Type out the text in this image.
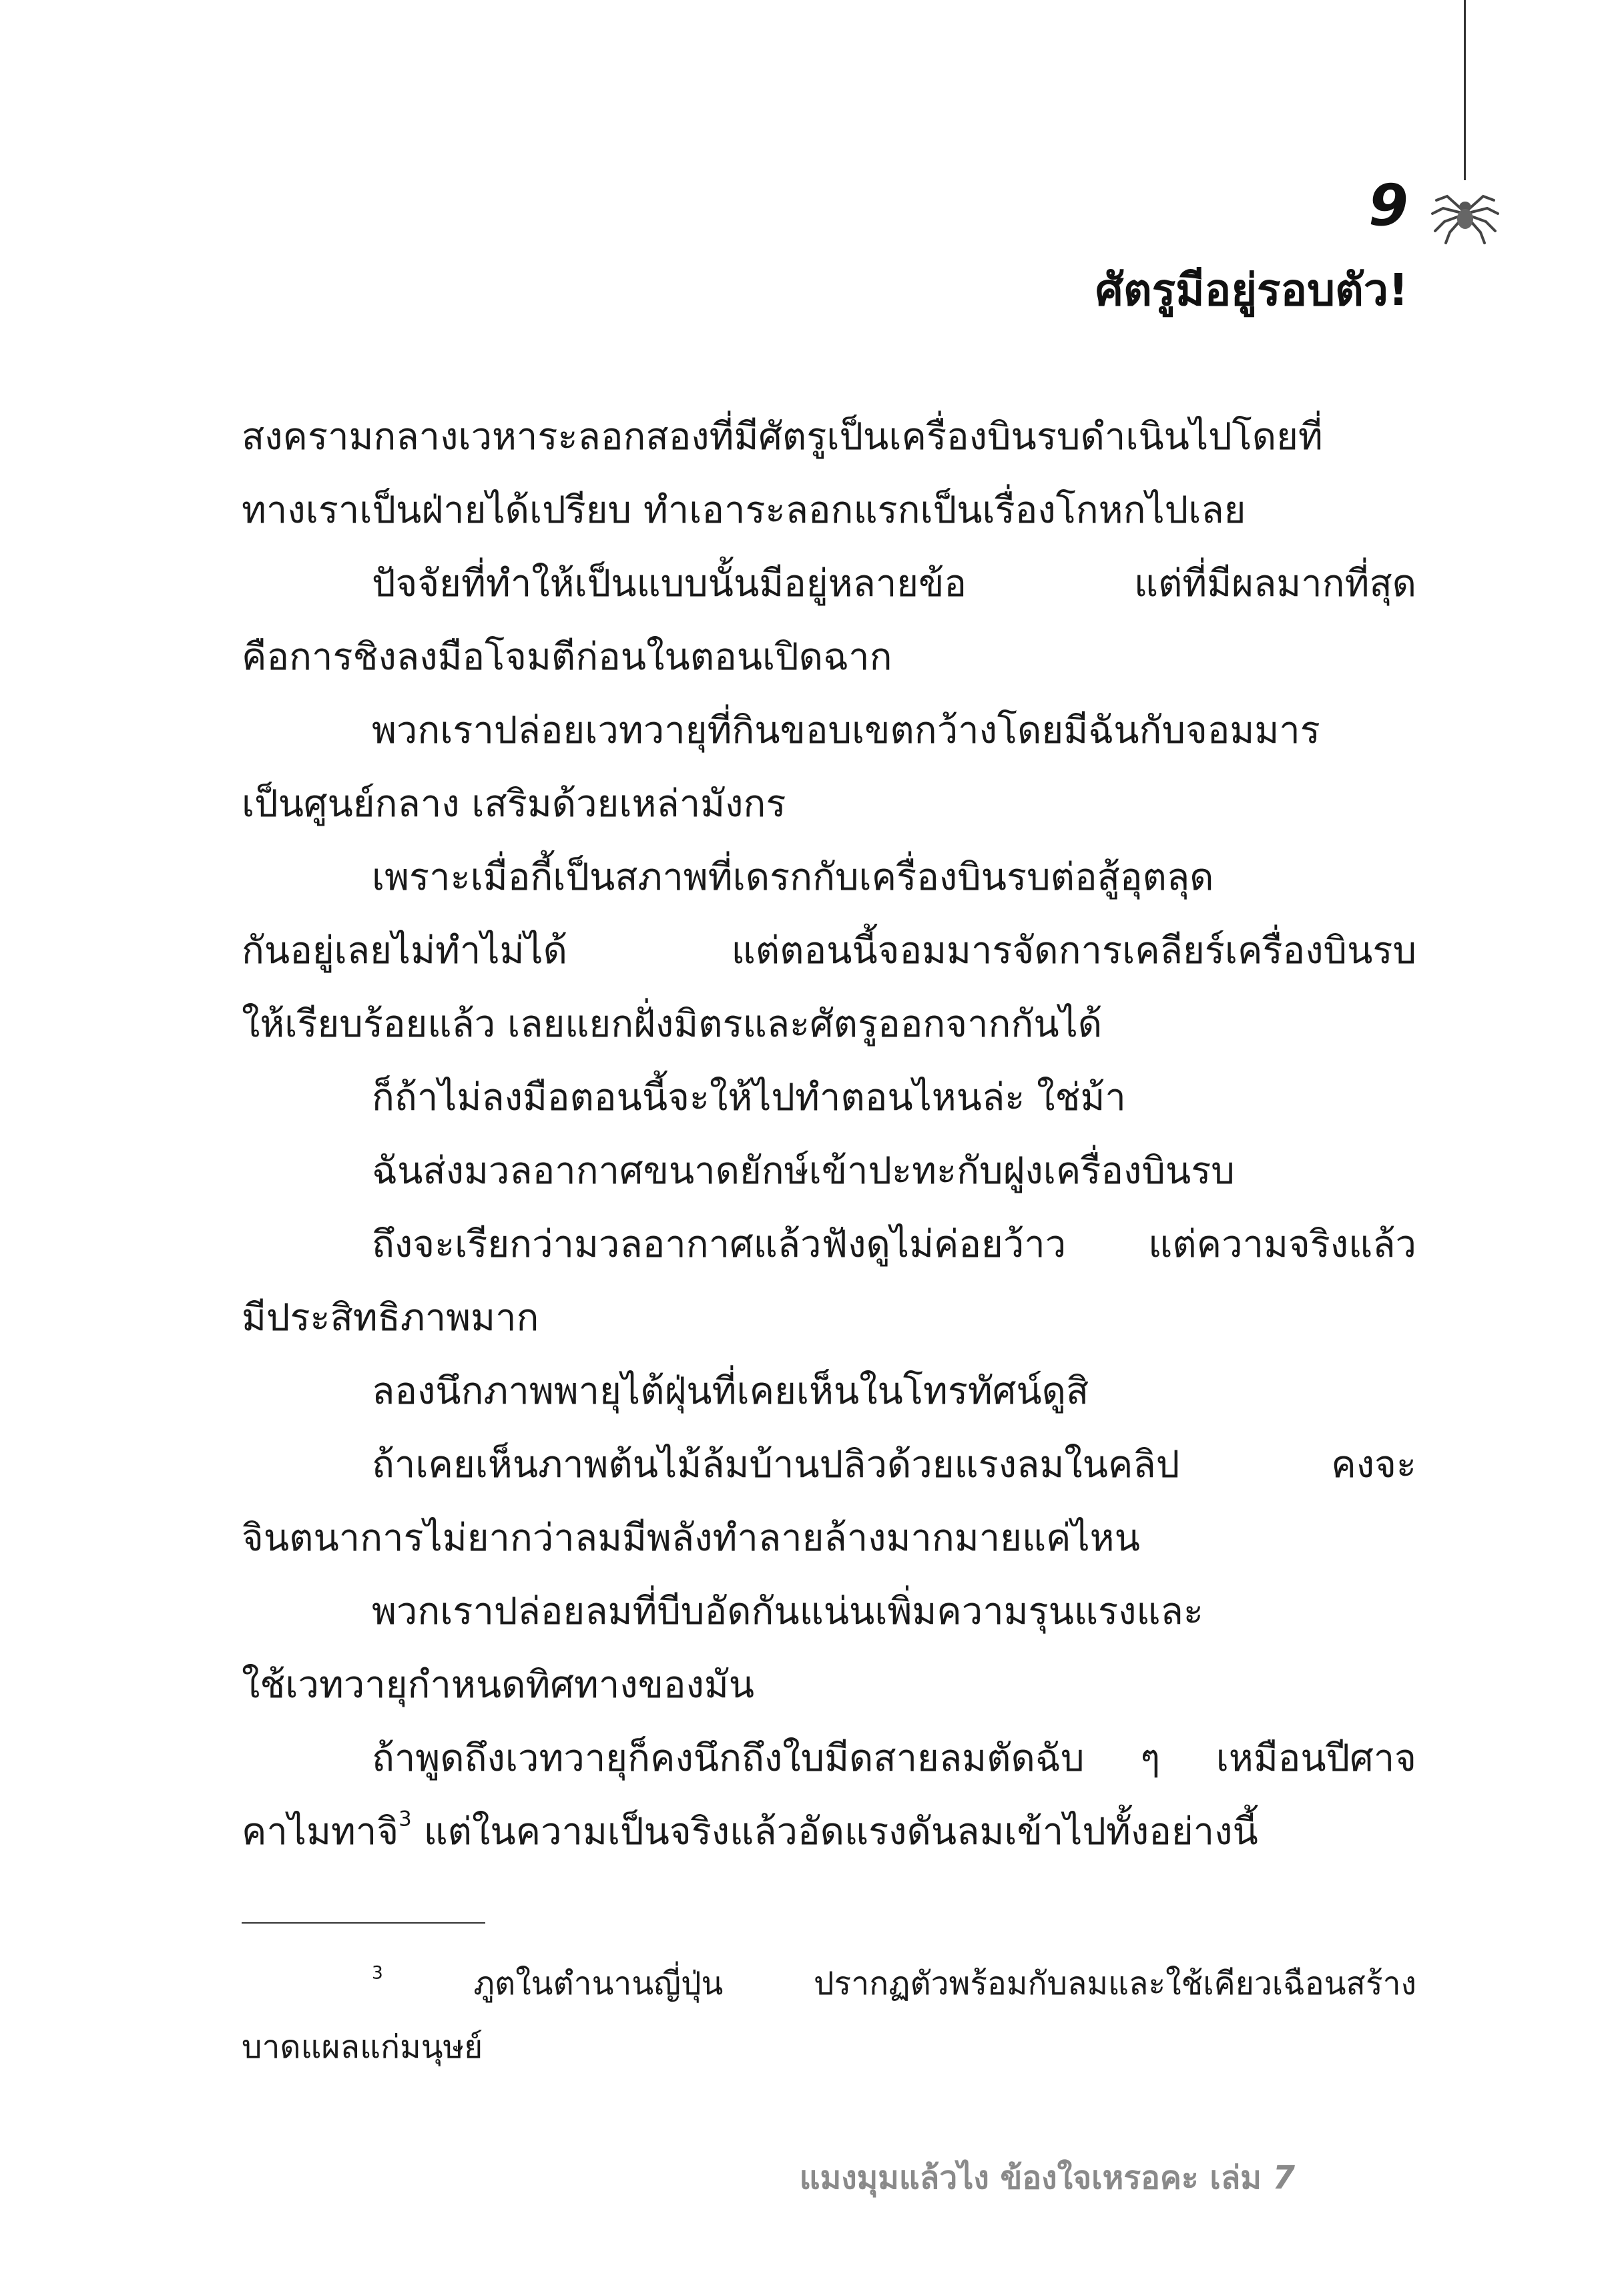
9
ศัตรูมีอยู่รอบตัว!
สงครามกลางเวหาระลอกสองที่มีศัตรูเป็นเครื่องบินรบดำเนินไปโดยที่
ทางเราเป็นฝ่ายได้เปรียบ ทำเอาระลอกแรกเป็นเรื่องโกหกไปเลย
ปัจจัยที่ทำให้เป็นแบบนั้นมีอยู่หลายข้อ แต่ที่มีผลมากที่สุด
คือการชิงลงมือโจมตีก่อนในตอนเปิดฉาก
พวกเราปล่อยเวทวายุที่กินขอบเขตกว้างโดยมีฉันกับจอมมาร
เป็นศูนย์กลาง เสริมด้วยเหล่ามังกร
เพราะเมื่อกี้เป็นสภาพที่เดรกกับเครื่องบินรบต่อสู้อุตลุด
กันอยู่เลยไม่ทำไม่ได้ แต่ตอนนี้จอมมารจัดการเคลียร์เครื่องบินรบ
ให้เรียบร้อยแล้ว เลยแยกฝั่งมิตรและศัตรูออกจากกันได้
ก็ถ้าไม่ลงมือตอนนี้จะให้ไปทำตอนไหนล่ะ ใช่ม้า
ฉันส่งมวลอากาศขนาดยักษ์เข้าปะทะกับฝูงเครื่องบินรบ
ถึงจะเรียกว่ามวลอากาศแล้วฟังดูไม่ค่อยว้าว แต่ความจริงแล้ว
มีประสิทธิภาพมาก
ลองนึกภาพพายุไต้ฝุ่นที่เคยเห็นในโทรทัศน์ดูสิ
ถ้าเคยเห็นภาพต้นไม้ล้มบ้านปลิวด้วยแรงลมในคลิป คงจะ
จินตนาการไม่ยากว่าลมมีพลังทำลายล้างมากมายแค่ไหน
พวกเราปล่อยลมที่บีบอัดกันแน่นเพิ่มความรุนแรงและ
ใช้เวทวายุกำหนดทิศทางของมัน
ถ้าพูดถึงเวทวายุก็คงนึกถึงใบมีดสายลมตัดฉับ ๆ เหมือนปีศาจ
คาไมทาจิ$^3$ แต่ในความเป็นจริงแล้วอัดแรงดันลมเข้าไปทั้งอย่างนี้
$^3$ ภูตในตำนานญี่ปุ่น ปรากฏตัวพร้อมกับลมและใช้เคียวเฉือนสร้าง
บาดแผลแก่มนุษย์
แมงมุมแล้วไง ข้องใจเหรอคะ เล่ม 7
